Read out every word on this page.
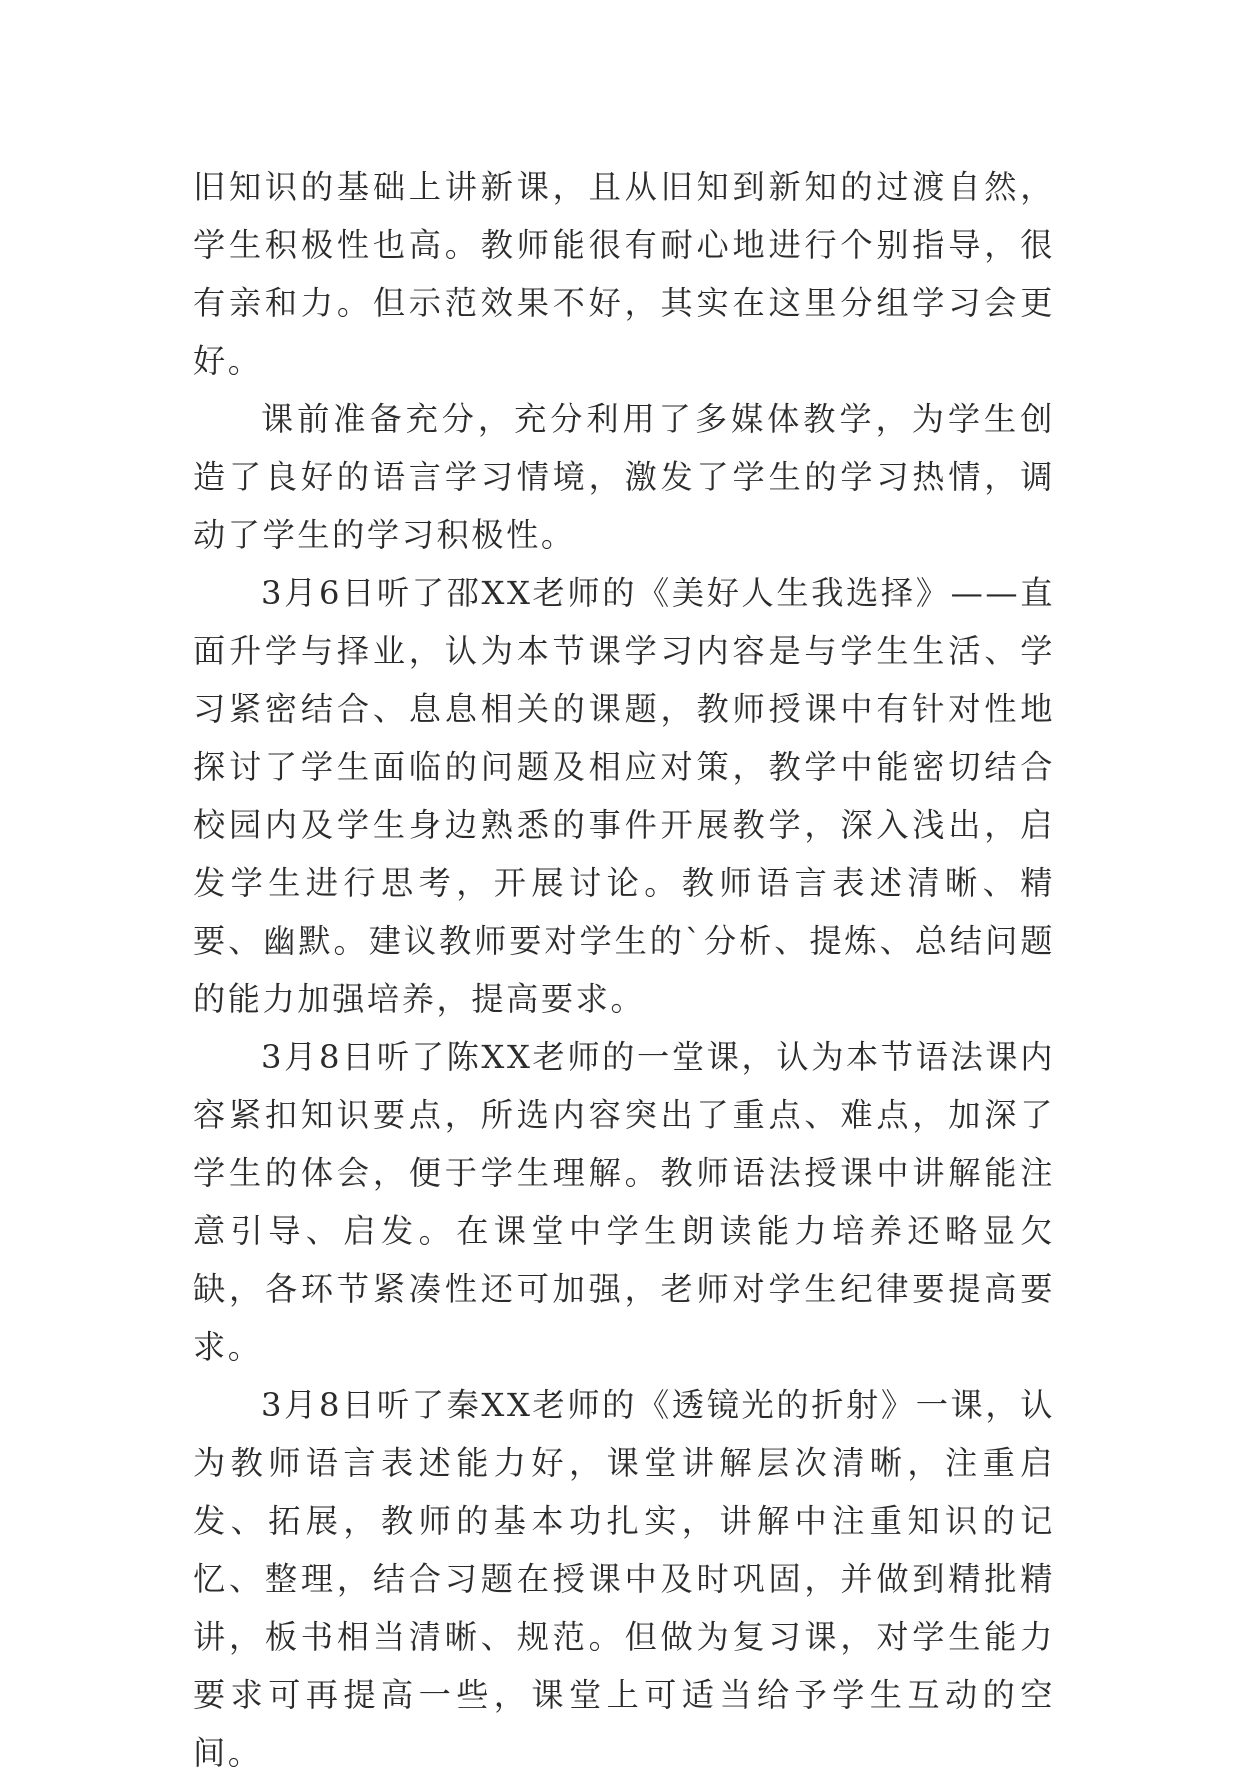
旧知识的基础上讲新课，且从旧知到新知的过渡自然，学生积极性也高。教师能很有耐心地进行个别指导，很有亲和力。但示范效果不好，其实在这里分组学习会更好。

课前准备充分，充分利用了多媒体教学，为学生创造了良好的语言学习情境，激发了学生的学习热情，调动了学生的学习积极性。

3月6日听了邵XX老师的《美好人生我选择》——直面升学与择业，认为本节课学习内容是与学生生活、学习紧密结合、息息相关的课题，教师授课中有针对性地探讨了学生面临的问题及相应对策，教学中能密切结合校园内及学生身边熟悉的事件开展教学，深入浅出，启发学生进行思考，开展讨论。教师语言表述清晰、精要、幽默。建议教师要对学生的`分析、提炼、总结问题的能力加强培养，提高要求。

3月8日听了陈XX老师的一堂课，认为本节语法课内容紧扣知识要点，所选内容突出了重点、难点，加深了学生的体会，便于学生理解。教师语法授课中讲解能注意引导、启发。在课堂中学生朗读能力培养还略显欠缺，各环节紧凑性还可加强，老师对学生纪律要提高要求。

3月8日听了秦XX老师的《透镜光的折射》一课，认为教师语言表述能力好，课堂讲解层次清晰，注重启发、拓展，教师的基本功扎实，讲解中注重知识的记忆、整理，结合习题在授课中及时巩固，并做到精批精讲，板书相当清晰、规范。但做为复习课，对学生能力要求可再提高一些，课堂上可适当给予学生互动的空间。
